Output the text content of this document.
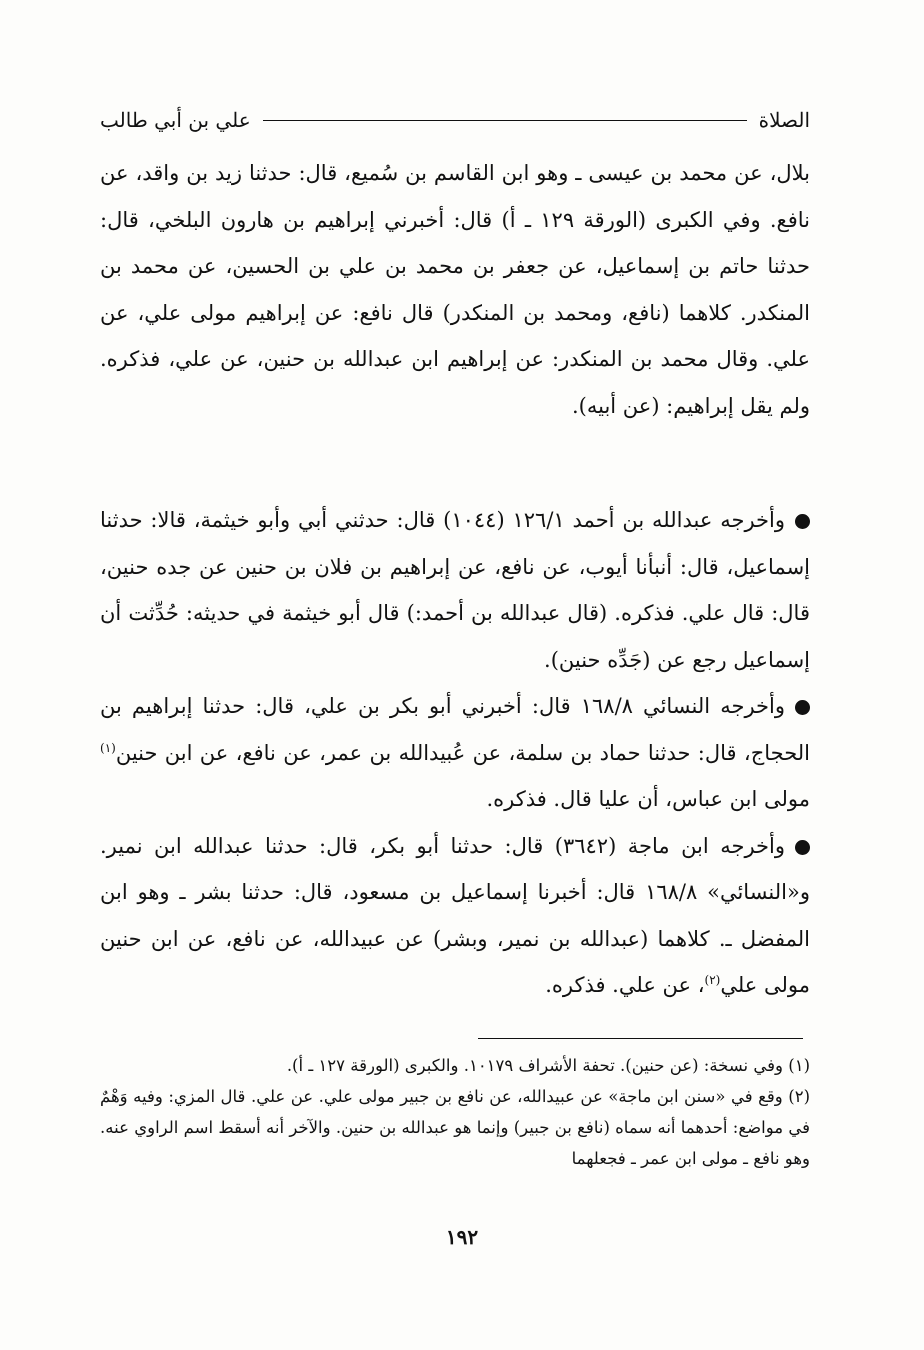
الصلاة
علي بن أبي طالب

بلال، عن محمد بن عيسى ـ وهو ابن القاسم بن سُميع، قال: حدثنا زيد بن واقد، عن نافع. وفي الكبرى (الورقة ١٢٩ ـ أ) قال: أخبرني إبراهيم بن هارون البلخي، قال: حدثنا حاتم بن إسماعيل، عن جعفر بن محمد بن علي بن الحسين، عن محمد بن المنكدر. كلاهما (نافع، ومحمد بن المنكدر) قال نافع: عن إبراهيم مولى علي، عن علي. وقال محمد بن المنكدر: عن إبراهيم ابن عبدالله بن حنين، عن علي، فذكره. ولم يقل إبراهيم: (عن أبيه).

وأخرجه عبدالله بن أحمد ١٢٦/١ (١٠٤٤) قال: حدثني أبي وأبو خيثمة، قالا: حدثنا إسماعيل، قال: أنبأنا أيوب، عن نافع، عن إبراهيم بن فلان بن حنين عن جده حنين، قال: قال علي. فذكره. (قال عبدالله بن أحمد:) قال أبو خيثمة في حديثه: حُدِّثت أن إسماعيل رجع عن (جَدِّه حنين).

وأخرجه النسائي ١٦٨/٨ قال: أخبرني أبو بكر بن علي، قال: حدثنا إبراهيم بن الحجاج، قال: حدثنا حماد بن سلمة، عن عُبيدالله بن عمر، عن نافع، عن ابن حنين$^{(١)}$ مولى ابن عباس، أن عليا قال. فذكره.

وأخرجه ابن ماجة (٣٦٤٢) قال: حدثنا أبو بكر، قال: حدثنا عبدالله ابن نمير. و«النسائي» ١٦٨/٨ قال: أخبرنا إسماعيل بن مسعود، قال: حدثنا بشر ـ وهو ابن المفضل ـ. كلاهما (عبدالله بن نمير، وبشر) عن عبيدالله، عن نافع، عن ابن حنين مولى علي$^{(٢)}$، عن علي. فذكره.

(١) وفي نسخة: (عن حنين). تحفة الأشراف ١٠١٧٩. والكبرى (الورقة ١٢٧ ـ أ).

(٢) وقع في «سنن ابن ماجة» عن عبيدالله، عن نافع بن جبير مولى علي. عن علي. قال المزي: وفيه وَهْمٌ في مواضع: أحدهما أنه سماه (نافع بن جبير) وإنما هو عبدالله بن حنين. والآخر أنه أسقط اسم الراوي عنه. وهو نافع ـ مولى ابن عمر ـ فجعلهما

١٩٢
